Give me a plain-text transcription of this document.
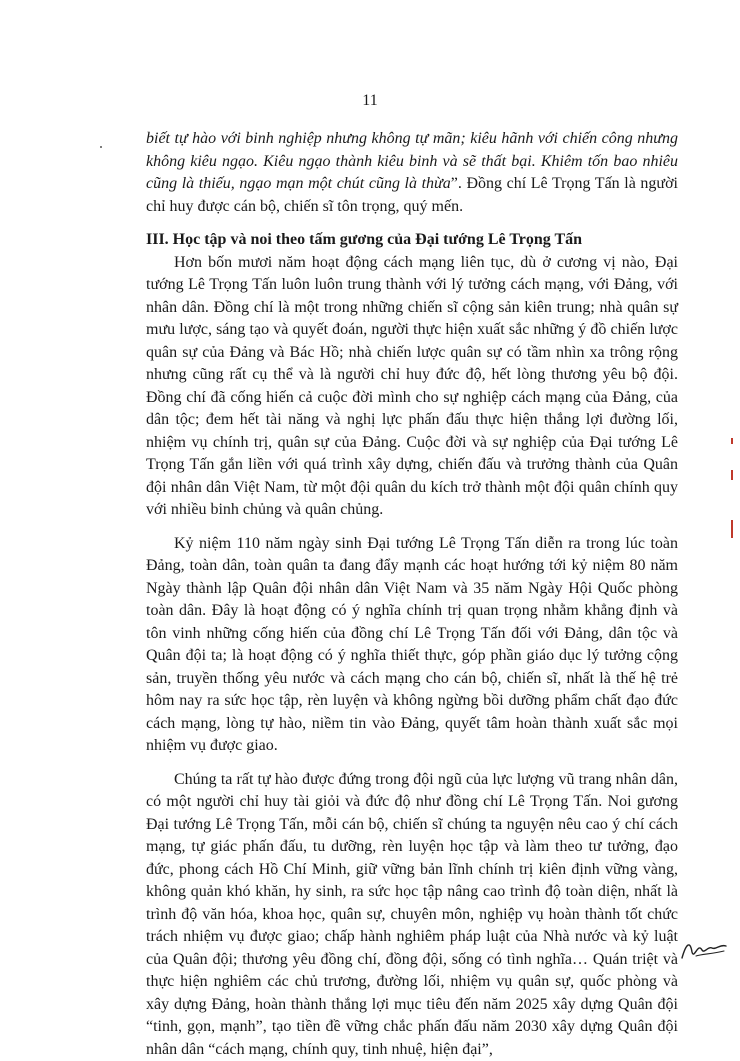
11

biết tự hào với binh nghiệp nhưng không tự mãn; kiêu hãnh với chiến công nhưng không kiêu ngạo. Kiêu ngạo thành kiêu binh và sẽ thất bại. Khiêm tốn bao nhiêu cũng là thiếu, ngạo mạn một chút cũng là thừa”. Đồng chí Lê Trọng Tấn là người chỉ huy được cán bộ, chiến sĩ tôn trọng, quý mến.

III. Học tập và noi theo tấm gương của Đại tướng Lê Trọng Tấn

Hơn bốn mươi năm hoạt động cách mạng liên tục, dù ở cương vị nào, Đại tướng Lê Trọng Tấn luôn luôn trung thành với lý tưởng cách mạng, với Đảng, với nhân dân. Đồng chí là một trong những chiến sĩ cộng sản kiên trung; nhà quân sự mưu lược, sáng tạo và quyết đoán, người thực hiện xuất sắc những ý đồ chiến lược quân sự của Đảng và Bác Hồ; nhà chiến lược quân sự có tầm nhìn xa trông rộng nhưng cũng rất cụ thể và là người chỉ huy đức độ, hết lòng thương yêu bộ đội. Đồng chí đã cống hiến cả cuộc đời mình cho sự nghiệp cách mạng của Đảng, của dân tộc; đem hết tài năng và nghị lực phấn đấu thực hiện thắng lợi đường lối, nhiệm vụ chính trị, quân sự của Đảng. Cuộc đời và sự nghiệp của Đại tướng Lê Trọng Tấn gắn liền với quá trình xây dựng, chiến đấu và trưởng thành của Quân đội nhân dân Việt Nam, từ một đội quân du kích trở thành một đội quân chính quy với nhiều binh chủng và quân chủng.

Kỷ niệm 110 năm ngày sinh Đại tướng Lê Trọng Tấn diễn ra trong lúc toàn Đảng, toàn dân, toàn quân ta đang đẩy mạnh các hoạt hướng tới kỷ niệm 80 năm Ngày thành lập Quân đội nhân dân Việt Nam và 35 năm Ngày Hội Quốc phòng toàn dân. Đây là hoạt động có ý nghĩa chính trị quan trọng nhằm khẳng định và tôn vinh những cống hiến của đồng chí Lê Trọng Tấn đối với Đảng, dân tộc và Quân đội ta; là hoạt động có ý nghĩa thiết thực, góp phần giáo dục lý tưởng cộng sản, truyền thống yêu nước và cách mạng cho cán bộ, chiến sĩ, nhất là thế hệ trẻ hôm nay ra sức học tập, rèn luyện và không ngừng bồi dưỡng phẩm chất đạo đức cách mạng, lòng tự hào, niềm tin vào Đảng, quyết tâm hoàn thành xuất sắc mọi nhiệm vụ được giao.

Chúng ta rất tự hào được đứng trong đội ngũ của lực lượng vũ trang nhân dân, có một người chỉ huy tài giỏi và đức độ như đồng chí Lê Trọng Tấn. Noi gương Đại tướng Lê Trọng Tấn, mỗi cán bộ, chiến sĩ chúng ta nguyện nêu cao ý chí cách mạng, tự giác phấn đấu, tu dưỡng, rèn luyện học tập và làm theo tư tưởng, đạo đức, phong cách Hồ Chí Minh, giữ vững bản lĩnh chính trị kiên định vững vàng, không quản khó khăn, hy sinh, ra sức học tập nâng cao trình độ toàn diện, nhất là trình độ văn hóa, khoa học, quân sự, chuyên môn, nghiệp vụ hoàn thành tốt chức trách nhiệm vụ được giao; chấp hành nghiêm pháp luật của Nhà nước và kỷ luật của Quân đội; thương yêu đồng chí, đồng đội, sống có tình nghĩa… Quán triệt và thực hiện nghiêm các chủ trương, đường lối, nhiệm vụ quân sự, quốc phòng và xây dựng Đảng, hoàn thành thắng lợi mục tiêu đến năm 2025 xây dựng Quân đội “tinh, gọn, mạnh”, tạo tiền đề vững chắc phấn đấu năm 2030 xây dựng Quân đội nhân dân “cách mạng, chính quy, tinh nhuệ, hiện đại”,
